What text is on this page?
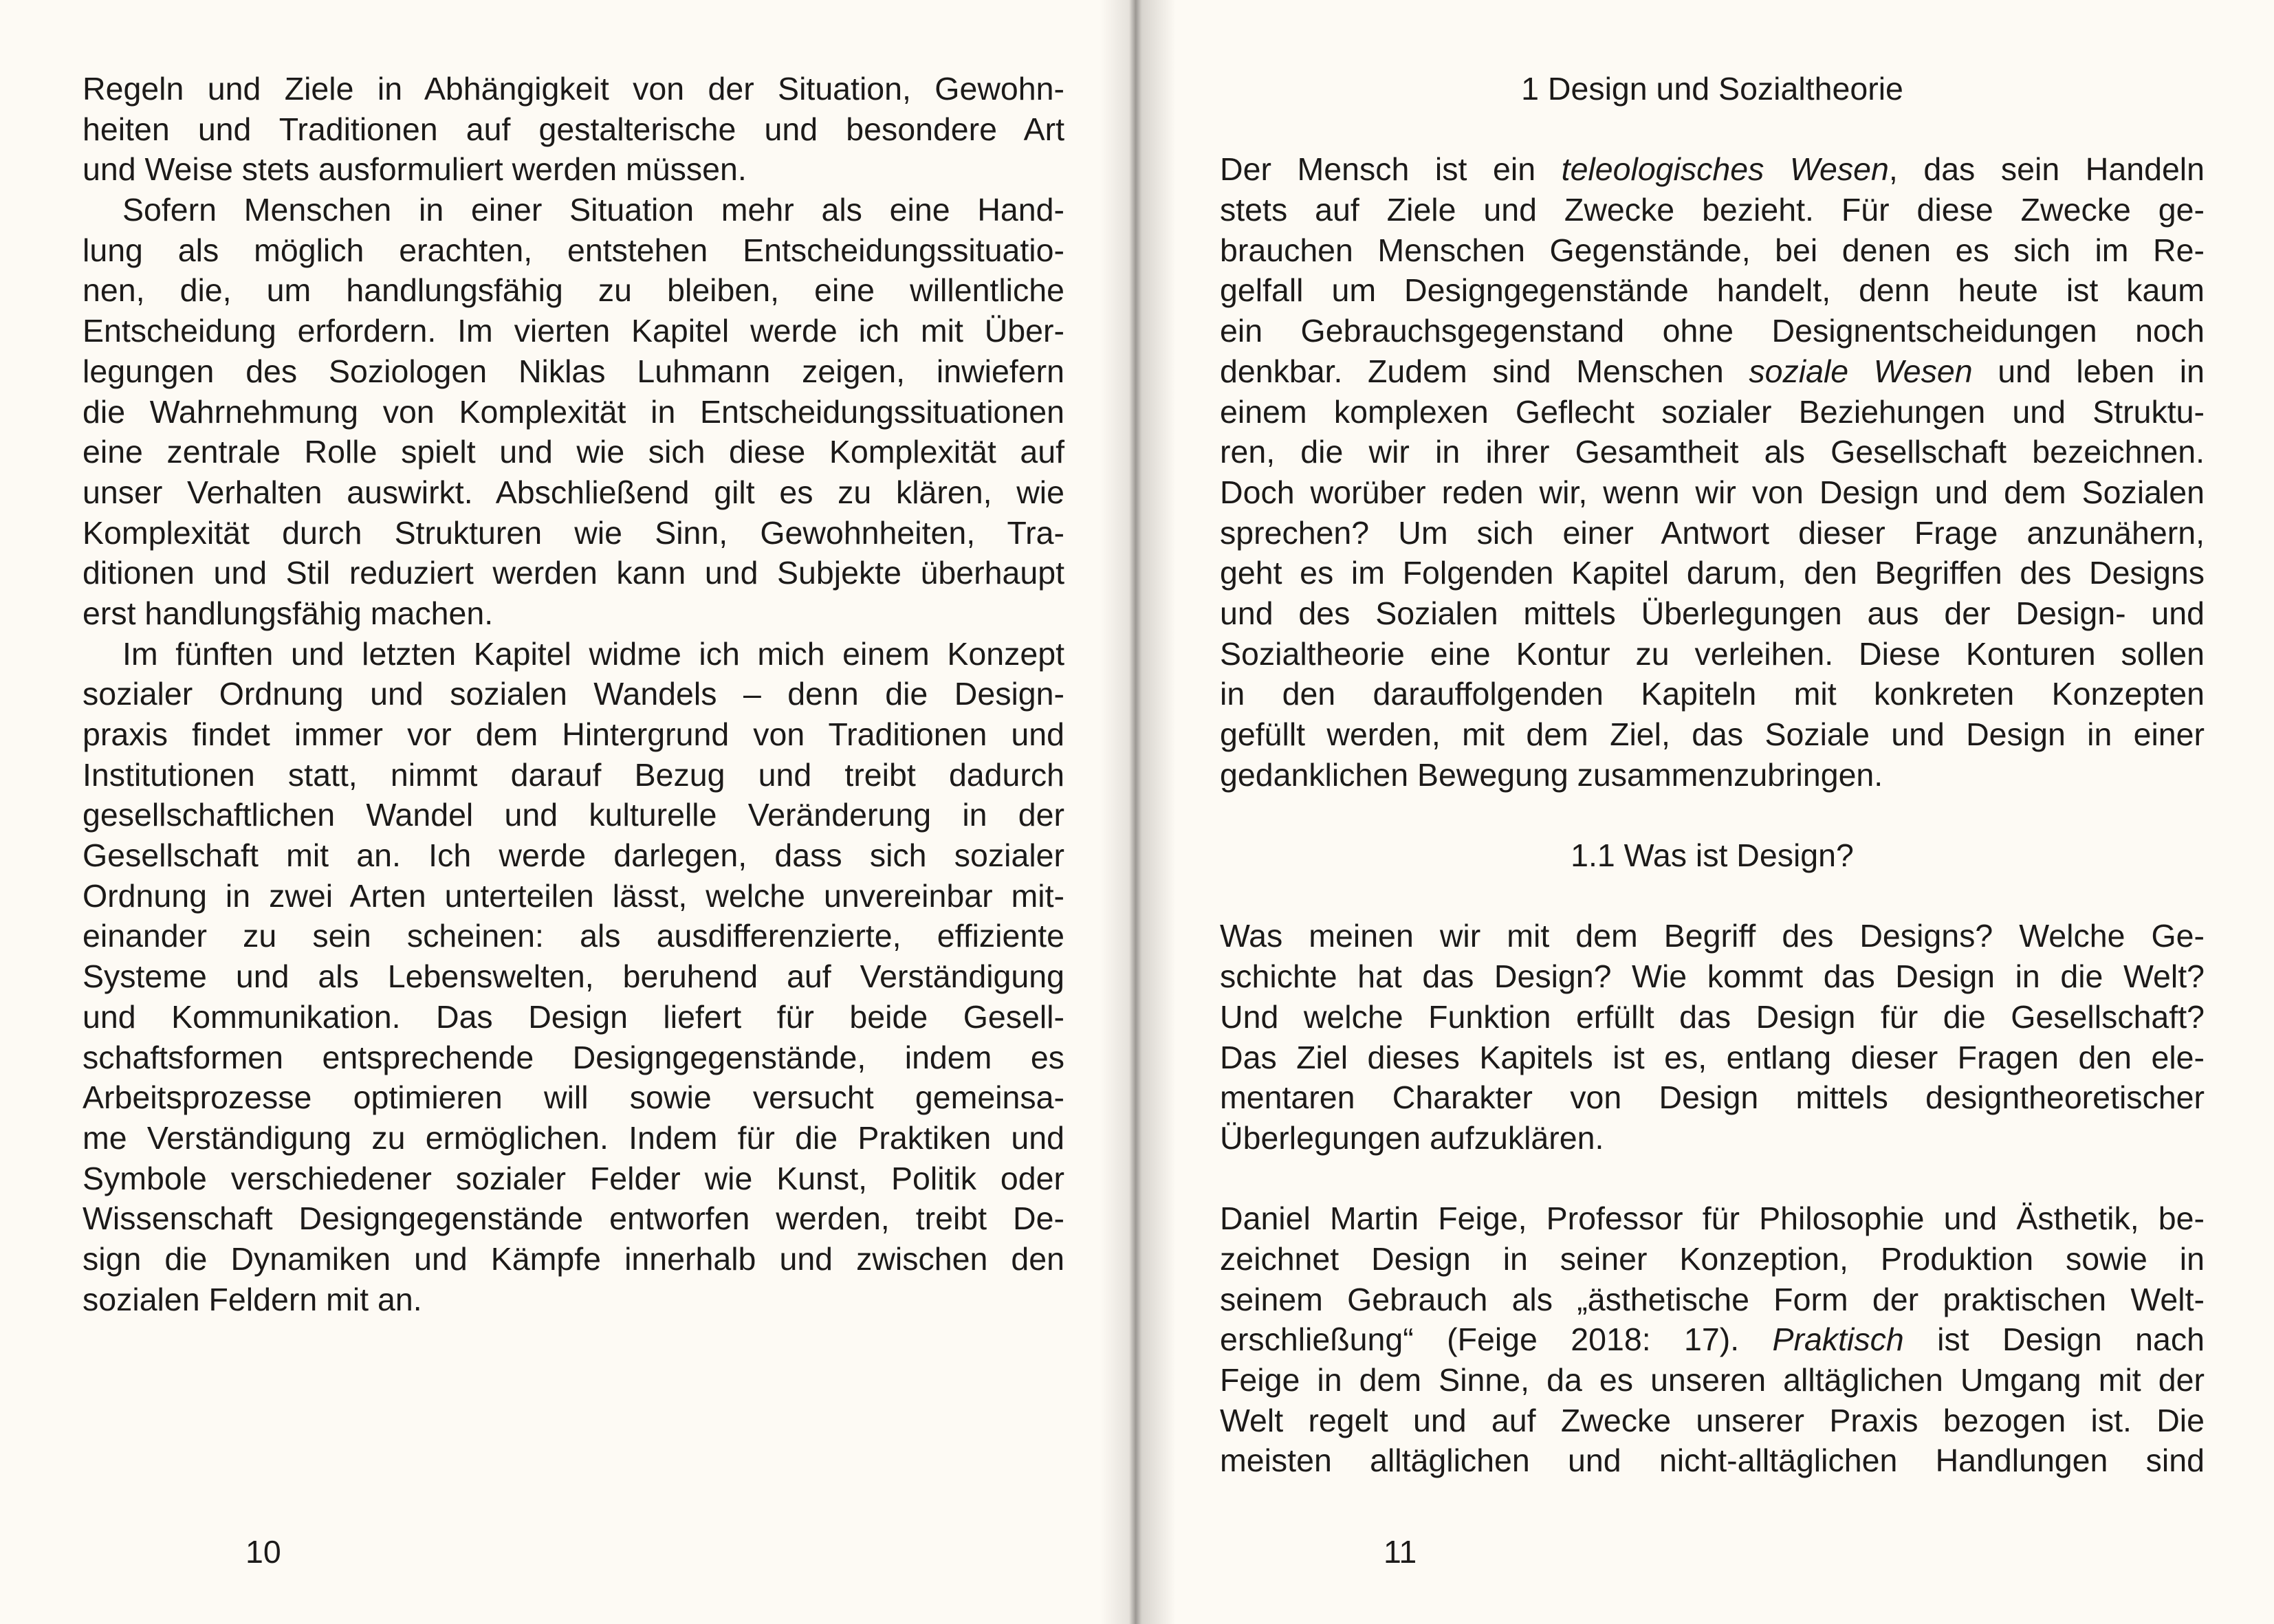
Regeln und Ziele in Abhängigkeit von der Situation, Gewohn-
heiten und Traditionen auf gestalterische und besondere Art
und Weise stets ausformuliert werden müssen.
Sofern Menschen in einer Situation mehr als eine Hand-
lung als möglich erachten, entstehen Entscheidungssituatio-
nen, die, um handlungsfähig zu bleiben, eine willentliche
Entscheidung erfordern. Im vierten Kapitel werde ich mit Über-
legungen des Soziologen Niklas Luhmann zeigen, inwiefern
die Wahrnehmung von Komplexität in Entscheidungssituationen
eine zentrale Rolle spielt und wie sich diese Komplexität auf
unser Verhalten auswirkt. Abschließend gilt es zu klären, wie
Komplexität durch Strukturen wie Sinn, Gewohnheiten, Tra-
ditionen und Stil reduziert werden kann und Subjekte überhaupt
erst handlungsfähig machen.
Im fünften und letzten Kapitel widme ich mich einem Konzept
sozialer Ordnung und sozialen Wandels – denn die Design-
praxis findet immer vor dem Hintergrund von Traditionen und
Institutionen statt, nimmt darauf Bezug und treibt dadurch
gesellschaftlichen Wandel und kulturelle Veränderung in der
Gesellschaft mit an. Ich werde darlegen, dass sich sozialer
Ordnung in zwei Arten unterteilen lässt, welche unvereinbar mit-
einander zu sein scheinen: als ausdifferenzierte, effiziente
Systeme und als Lebenswelten, beruhend auf Verständigung
und Kommunikation. Das Design liefert für beide Gesell-
schaftsformen entsprechende Designgegenstände, indem es
Arbeitsprozesse optimieren will sowie versucht gemeinsa-
me Verständigung zu ermöglichen. Indem für die Praktiken und
Symbole verschiedener sozialer Felder wie Kunst, Politik oder
Wissenschaft Designgegenstände entworfen werden, treibt De-
sign die Dynamiken und Kämpfe innerhalb und zwischen den
sozialen Feldern mit an.
10
1 Design und Sozialtheorie
Der Mensch ist ein teleologisches Wesen, das sein Handeln
stets auf Ziele und Zwecke bezieht. Für diese Zwecke ge-
brauchen Menschen Gegenstände, bei denen es sich im Re-
gelfall um Designgegenstände handelt, denn heute ist kaum
ein Gebrauchsgegenstand ohne Designentscheidungen noch
denkbar. Zudem sind Menschen soziale Wesen und leben in
einem komplexen Geflecht sozialer Beziehungen und Struktu-
ren, die wir in ihrer Gesamtheit als Gesellschaft bezeichnen.
Doch worüber reden wir, wenn wir von Design und dem Sozialen
sprechen? Um sich einer Antwort dieser Frage anzunähern,
geht es im Folgenden Kapitel darum, den Begriffen des Designs
und des Sozialen mittels Überlegungen aus der Design- und
Sozialtheorie eine Kontur zu verleihen. Diese Konturen sollen
in den darauffolgenden Kapiteln mit konkreten Konzepten
gefüllt werden, mit dem Ziel, das Soziale und Design in einer
gedanklichen Bewegung zusammenzubringen.
1.1 Was ist Design?
Was meinen wir mit dem Begriff des Designs? Welche Ge-
schichte hat das Design? Wie kommt das Design in die Welt?
Und welche Funktion erfüllt das Design für die Gesellschaft?
Das Ziel dieses Kapitels ist es, entlang dieser Fragen den ele-
mentaren Charakter von Design mittels designtheoretischer
Überlegungen aufzuklären.
Daniel Martin Feige, Professor für Philosophie und Ästhetik, be-
zeichnet Design in seiner Konzeption, Produktion sowie in
seinem Gebrauch als „ästhetische Form der praktischen Welt-
erschließung“ (Feige 2018: 17). Praktisch ist Design nach
Feige in dem Sinne, da es unseren alltäglichen Umgang mit der
Welt regelt und auf Zwecke unserer Praxis bezogen ist. Die
meisten alltäglichen und nicht-alltäglichen Handlungen sind
11
